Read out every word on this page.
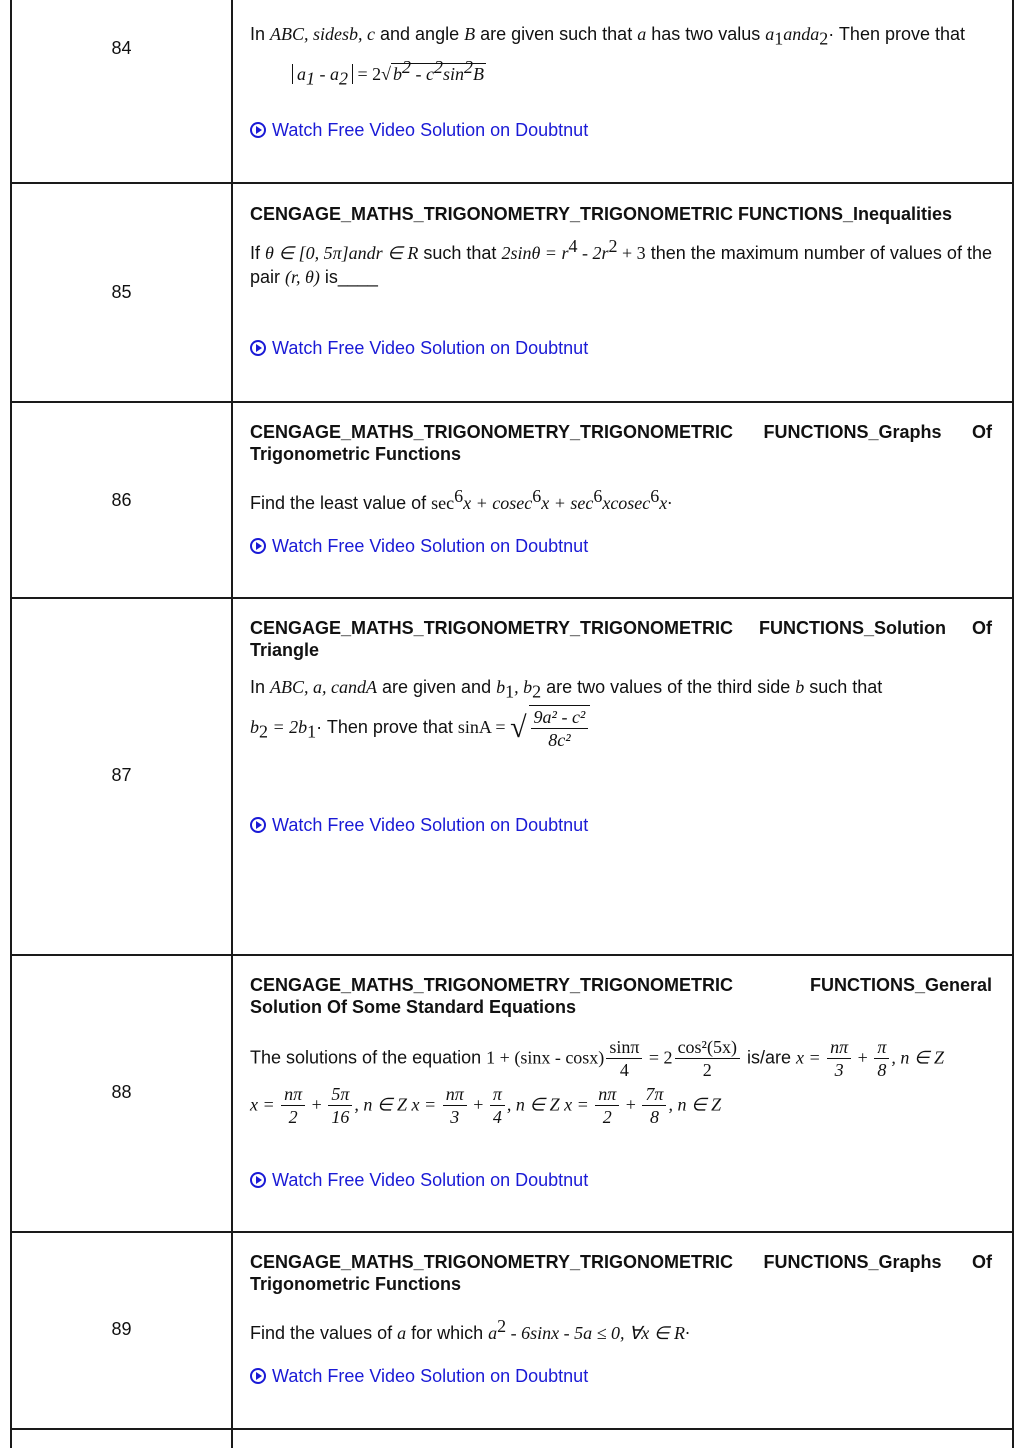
84
In ABC, sidesb, c and angle B are given such that a has two valus $a_1anda_2\cdot$ Then prove that
$a_1 - a_2 = 2√$ $b^2 - c^2\sin^2B$
Watch Free Video Solution on Doubtnut
85
CENGAGE_MATHS_TRIGONOMETRY_TRIGONOMETRIC FUNCTIONS_Inequalities
If θ ∈ [0, 5π]andr ∈ R such that $2\sin\theta = r^4 - 2r^2 + 3$ then the maximum number of values of the pair (r, θ) is____
Watch Free Video Solution on Doubtnut
86
CENGAGE_MATHS_TRIGONOMETRY_TRIGONOMETRIC FUNCTIONS_Graphs Of Trigonometric Functions
Find the least value of $\sec^6x + cosec^6x + \sec^6xcosec^6x\cdot$
Watch Free Video Solution on Doubtnut
87
CENGAGE_MATHS_TRIGONOMETRY_TRIGONOMETRIC FUNCTIONS_Solution Of Triangle
In ABC, a, candA are given and $b_1$, $b_2$ are two values of the third side b such that
$b_2 = 2b_1\cdot$ Then prove that sinA = √ $\frac{\text{9a² - c²}}{\text{8c²}}$
Watch Free Video Solution on Doubtnut
88
CENGAGE_MATHS_TRIGONOMETRY_TRIGONOMETRIC FUNCTIONS_General Solution Of Some Standard Equations
The solutions of the equation $1 + (\sin x - \cos x) \frac{\sin\pi}{4} = 2 \frac{\text{cos²(5x)}}{2} is/are$ $x = \frac{n\pi}{3} + \frac{\pi}{8}$ , n ∈ Z
$x = \frac{n\pi}{2} + \frac{5\pi}{16}$ , n ∈ Z $x = \frac{n\pi}{3} + \frac{\pi}{4}$ , n ∈ Z $x = \frac{n\pi}{2} + \frac{7\pi}{8}$ , n ∈ Z
Watch Free Video Solution on Doubtnut
89
CENGAGE_MATHS_TRIGONOMETRY_TRIGONOMETRIC FUNCTIONS_Graphs Of Trigonometric Functions
Find the values of a for which $a^2 - 6\sin x - 5a \le 0$, ∀x ∈ R·
Watch Free Video Solution on Doubtnut
